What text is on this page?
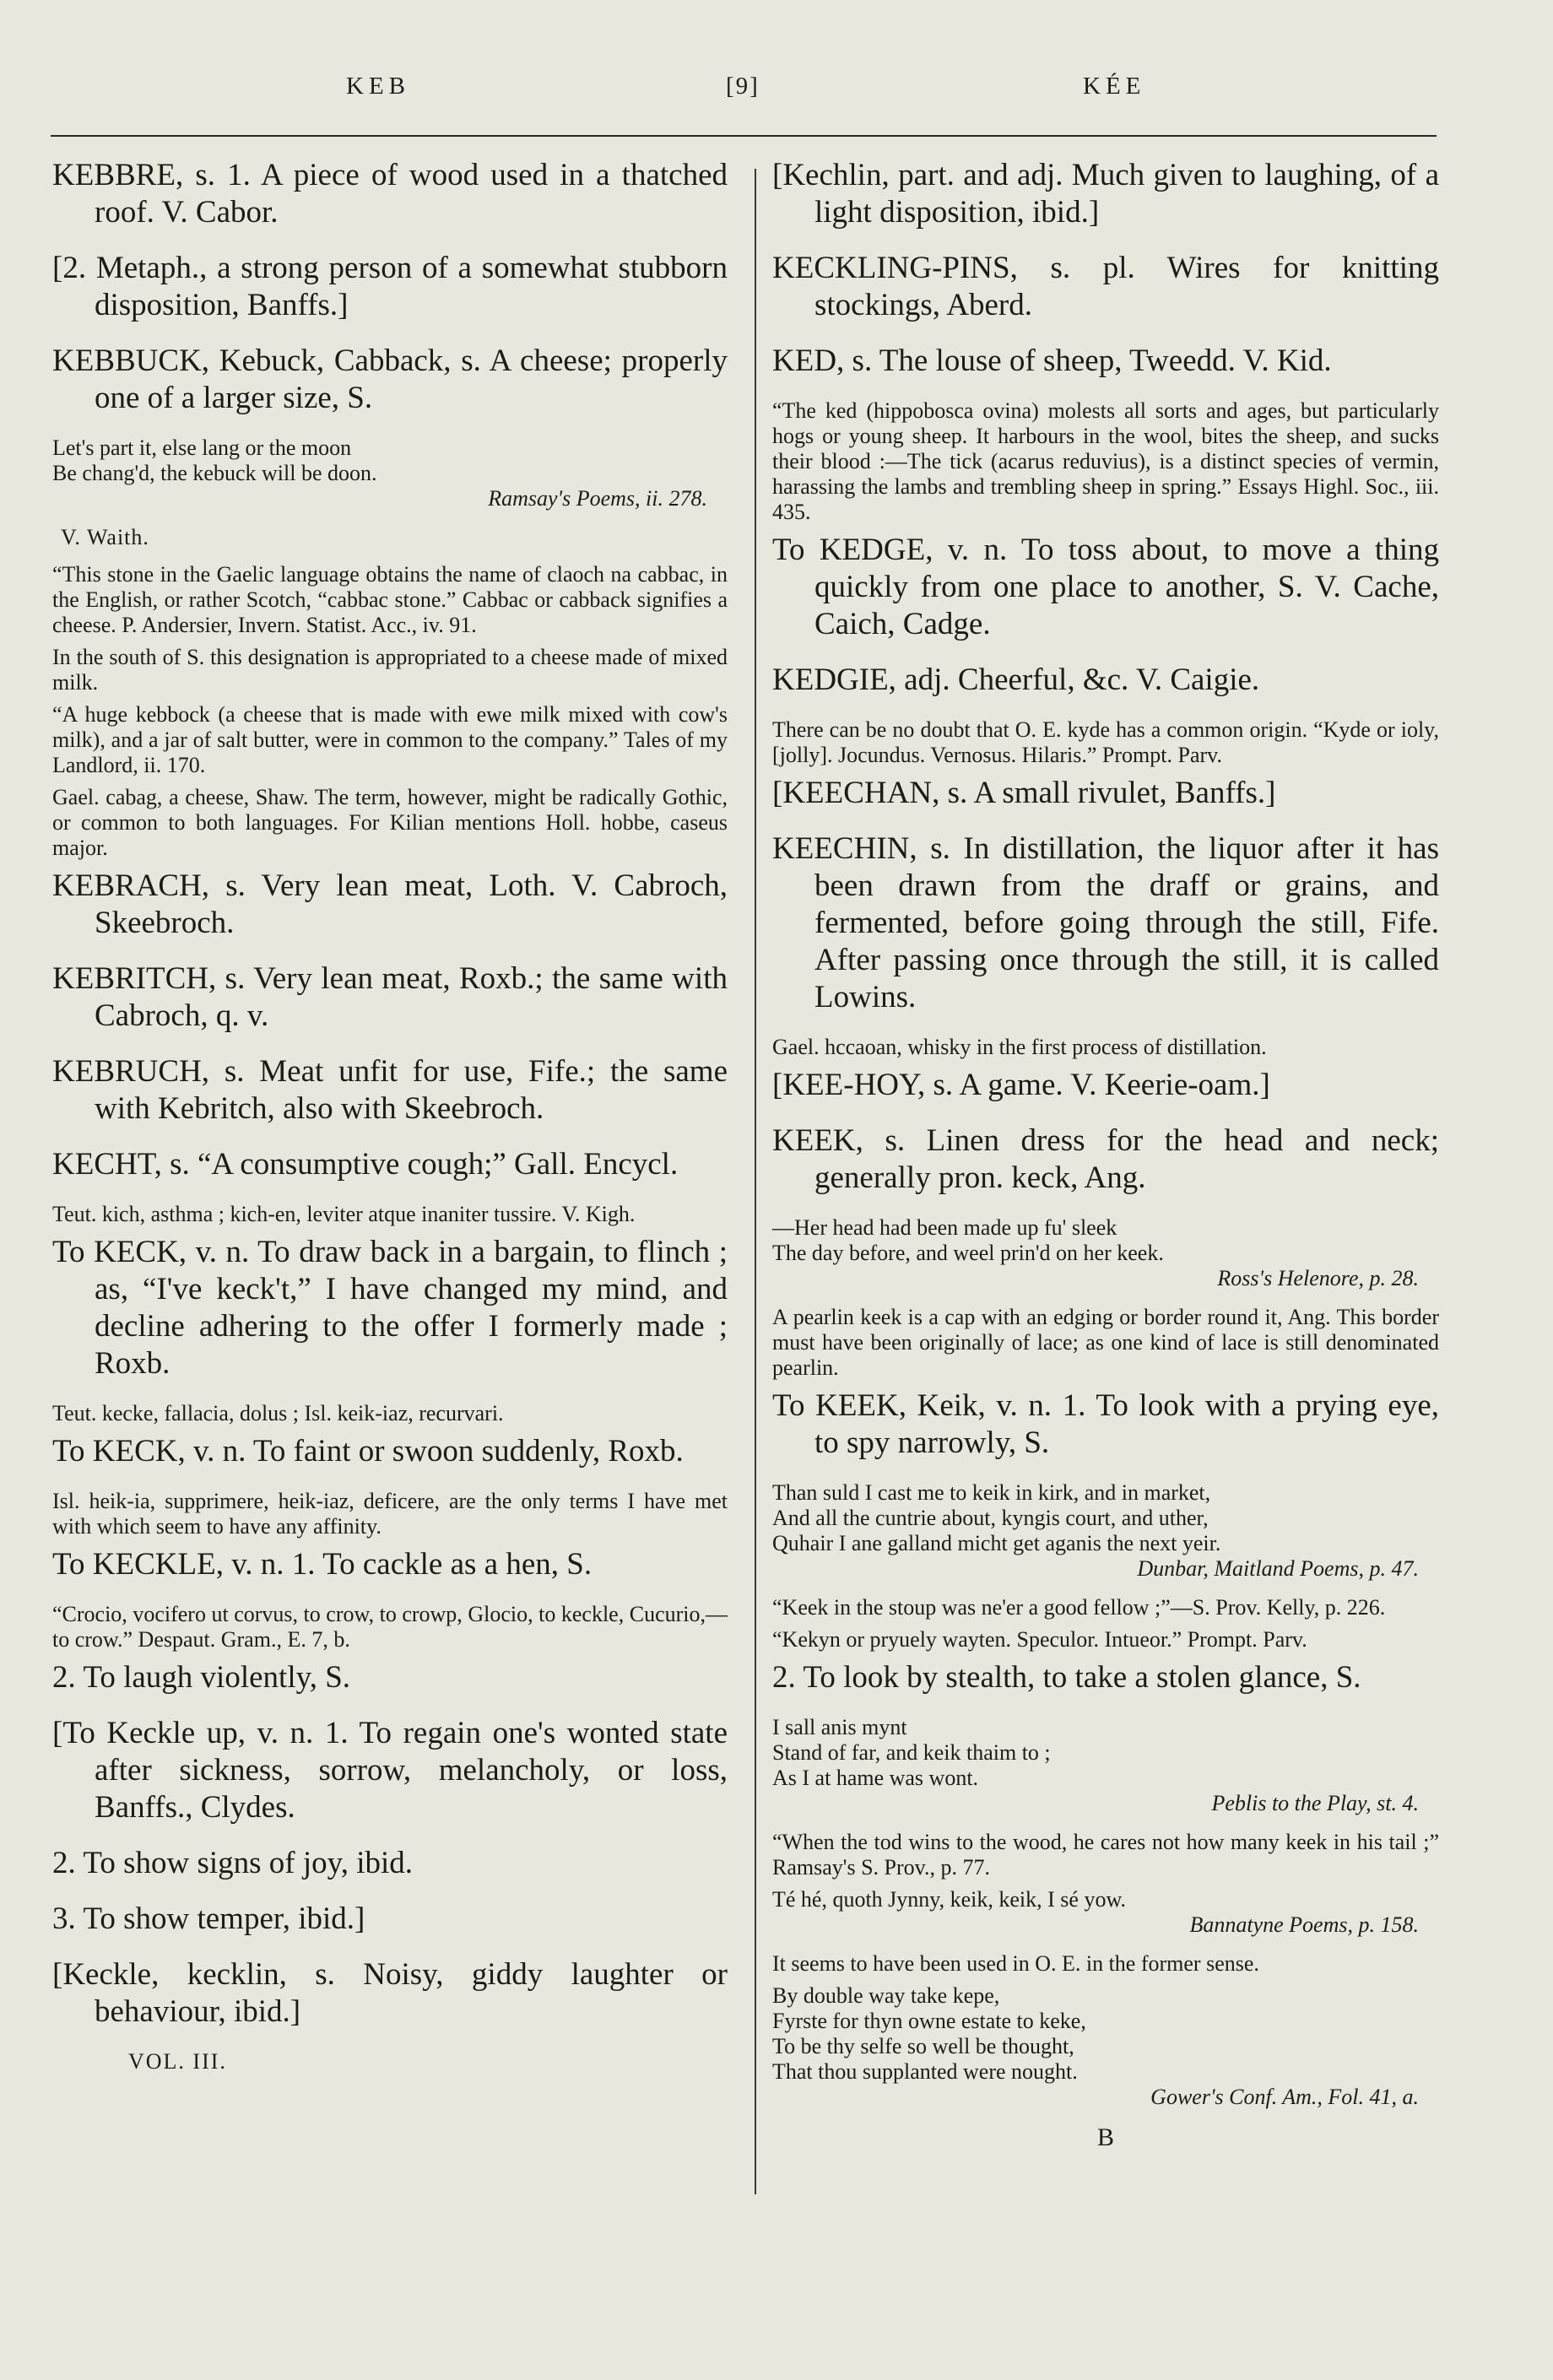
KEB	[9]	KÉE

KEBBRE, s. 1. A piece of wood used in a thatched roof. V. Cabor.

[2. Metaph., a strong person of a somewhat stubborn disposition, Banffs.]

KEBBUCK, Kebuck, Cabback, s. A cheese; properly one of a larger size, S.

Let's part it, else lang or the moon
Be chang'd, the kebuck will be doon.
Ramsay's Poems, ii. 278.
V. Waith.

“This stone in the Gaelic language obtains the name of claoch na cabbac, in the English, or rather Scotch, “cabbac stone.” Cabbac or cabback signifies a cheese. P. Andersier, Invern. Statist. Acc., iv. 91.

In the south of S. this designation is appropriated to a cheese made of mixed milk.

“A huge kebbock (a cheese that is made with ewe milk mixed with cow's milk), and a jar of salt butter, were in common to the company.” Tales of my Landlord, ii. 170.

Gael. cabag, a cheese, Shaw. The term, however, might be radically Gothic, or common to both languages. For Kilian mentions Holl. hobbe, caseus major.

KEBRACH, s. Very lean meat, Loth. V. Cabroch, Skeebroch.

KEBRITCH, s. Very lean meat, Roxb.; the same with Cabroch, q. v.

KEBRUCH, s. Meat unfit for use, Fife.; the same with Kebritch, also with Skeebroch.

KECHT, s. “A consumptive cough;” Gall. Encycl.

Teut. kich, asthma ; kich-en, leviter atque inaniter tussire. V. Kigh.

To KECK, v. n. To draw back in a bargain, to flinch ; as, “I've keck't,” I have changed my mind, and decline adhering to the offer I formerly made ; Roxb.

Teut. kecke, fallacia, dolus ; Isl. keik-iaz, recurvari.

To KECK, v. n. To faint or swoon suddenly, Roxb.

Isl. heik-ia, supprimere, heik-iaz, deficere, are the only terms I have met with which seem to have any affinity.

To KECKLE, v. n. 1. To cackle as a hen, S.

“Crocio, vocifero ut corvus, to crow, to crowp, Glocio, to keckle, Cucurio,—to crow.” Despaut. Gram., E. 7, b.

2. To laugh violently, S.

[To Keckle up, v. n. 1. To regain one's wonted state after sickness, sorrow, melancholy, or loss, Banffs., Clydes.

2. To show signs of joy, ibid.

3. To show temper, ibid.]

[Keckle, kecklin, s. Noisy, giddy laughter or behaviour, ibid.]

VOL. III.

[Kechlin, part. and adj. Much given to laughing, of a light disposition, ibid.]

KECKLING-PINS, s. pl. Wires for knitting stockings, Aberd.

KED, s. The louse of sheep, Tweedd. V. Kid.

“The ked (hippobosca ovina) molests all sorts and ages, but particularly hogs or young sheep. It harbours in the wool, bites the sheep, and sucks their blood :—The tick (acarus reduvius), is a distinct species of vermin, harassing the lambs and trembling sheep in spring.” Essays Highl. Soc., iii. 435.

To KEDGE, v. n. To toss about, to move a thing quickly from one place to another, S. V. Cache, Caich, Cadge.

KEDGIE, adj. Cheerful, &c. V. Caigie.

There can be no doubt that O. E. kyde has a common origin. “Kyde or ioly, [jolly]. Jocundus. Vernosus. Hilaris.” Prompt. Parv.

[KEECHAN, s. A small rivulet, Banffs.]

KEECHIN, s. In distillation, the liquor after it has been drawn from the draff or grains, and fermented, before going through the still, Fife. After passing once through the still, it is called Lowins.

Gael. hccaoan, whisky in the first process of distillation.

[KEE-HOY, s. A game. V. Keerie-oam.]

KEEK, s. Linen dress for the head and neck; generally pron. keck, Ang.

—Her head had been made up fu' sleek
The day before, and weel prin'd on her keek.
Ross's Helenore, p. 28.

A pearlin keek is a cap with an edging or border round it, Ang. This border must have been originally of lace; as one kind of lace is still denominated pearlin.

To KEEK, Keik, v. n. 1. To look with a prying eye, to spy narrowly, S.

Than suld I cast me to keik in kirk, and in market,
And all the cuntrie about, kyngis court, and uther,
Quhair I ane galland micht get aganis the next yeir.
Dunbar, Maitland Poems, p. 47.

“Keek in the stoup was ne'er a good fellow ;”—S. Prov. Kelly, p. 226.

“Kekyn or pryuely wayten. Speculor. Intueor.” Prompt. Parv.

2. To look by stealth, to take a stolen glance, S.

I sall anis mynt
Stand of far, and keik thaim to ;
As I at hame was wont.
Peblis to the Play, st. 4.

“When the tod wins to the wood, he cares not how many keek in his tail ;” Ramsay's S. Prov., p. 77.

Té hé, quoth Jynny, keik, keik, I sé yow.
Bannatyne Poems, p. 158.

It seems to have been used in O. E. in the former sense.

By double way take kepe,
Fyrste for thyn owne estate to keke,
To be thy selfe so well be thought,
That thou supplanted were nought.
Gower's Conf. Am., Fol. 41, a.
B
